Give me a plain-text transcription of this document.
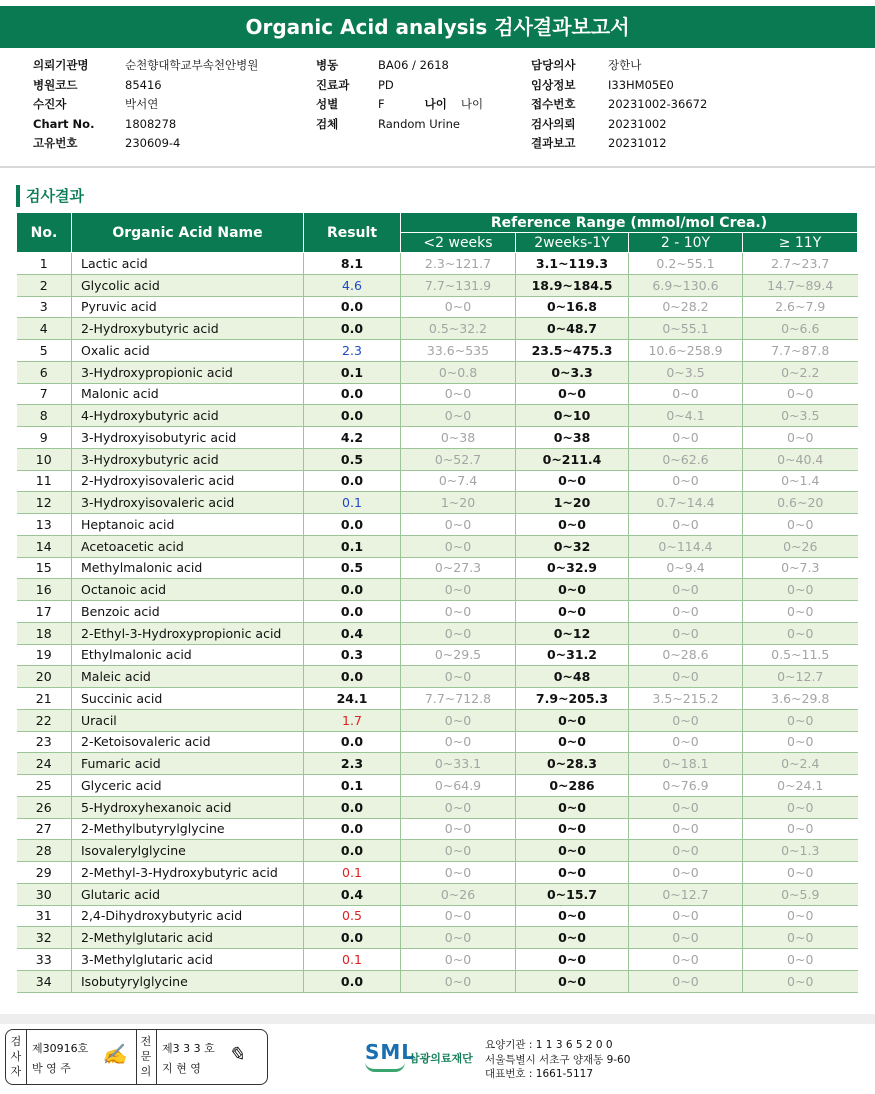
Organic Acid analysis 검사결과보고서
의뢰기관명	순천향대학교부속천안병원
병원코드	85416
수진자	박서연
Chart No.	1808278
고유번호	230609-4
병동	BA06 / 2618
진료과 PD
성별	F	나이 나이
검체	Random Urine
담당의사	장한나
임상정보	I33HM05E0
접수번호	20231002-36672
검사의뢰	20231002
결과보고	20231012
검사결과
No.	Organic Acid Name	Result	Reference Range (mmol/mol Crea.)			
			<2 weeks	2weeks-1Y	2 - 10Y	≥ 11Y
1	Lactic acid	8.1	2.3~121.7	3.1~119.3	0.2~55.1	2.7~23.7
2	Glycolic acid	4.6	7.7~131.9	18.9~184.5	6.9~130.6	14.7~89.4
3	Pyruvic acid	0.0	0~0	0~16.8	0~28.2	2.6~7.9
4	2-Hydroxybutyric acid	0.0	0.5~32.2	0~48.7	0~55.1	0~6.6
5	Oxalic acid	2.3	33.6~535	23.5~475.3	10.6~258.9	7.7~87.8
6	3-Hydroxypropionic acid	0.1	0~0.8	0~3.3	0~3.5	0~2.2
7	Malonic acid	0.0	0~0	0~0	0~0	0~0
8	4-Hydroxybutyric acid	0.0	0~0	0~10	0~4.1	0~3.5
9	3-Hydroxyisobutyric acid	4.2	0~38	0~38	0~0	0~0
10	3-Hydroxybutyric acid	0.5	0~52.7	0~211.4	0~62.6	0~40.4
11	2-Hydroxyisovaleric acid	0.0	0~7.4	0~0	0~0	0~1.4
12	3-Hydroxyisovaleric acid	0.1	1~20	1~20	0.7~14.4	0.6~20
13	Heptanoic acid	0.0	0~0	0~0	0~0	0~0
14	Acetoacetic acid	0.1	0~0	0~32	0~114.4	0~26
15	Methylmalonic acid	0.5	0~27.3	0~32.9	0~9.4	0~7.3
16	Octanoic acid	0.0	0~0	0~0	0~0	0~0
17	Benzoic acid	0.0	0~0	0~0	0~0	0~0
18	2-Ethyl-3-Hydroxypropionic acid	0.4	0~0	0~12	0~0	0~0
19	Ethylmalonic acid	0.3	0~29.5	0~31.2	0~28.6	0.5~11.5
20	Maleic acid	0.0	0~0	0~48	0~0	0~12.7
21	Succinic acid	24.1	7.7~712.8	7.9~205.3	3.5~215.2	3.6~29.8
22	Uracil	1.7	0~0	0~0	0~0	0~0
23	2-Ketoisovaleric acid	0.0	0~0	0~0	0~0	0~0
24	Fumaric acid	2.3	0~33.1	0~28.3	0~18.1	0~2.4
25	Glyceric acid	0.1	0~64.9	0~286	0~76.9	0~24.1
26	5-Hydroxyhexanoic acid	0.0	0~0	0~0	0~0	0~0
27	2-Methylbutyrylglycine	0.0	0~0	0~0	0~0	0~0
28	Isovalerylglycine	0.0	0~0	0~0	0~0	0~1.3
29	2-Methyl-3-Hydroxybutyric acid	0.1	0~0	0~0	0~0	0~0
30	Glutaric acid	0.4	0~26	0~15.7	0~12.7	0~5.9
31	2,4-Dihydroxybutyric acid	0.5	0~0	0~0	0~0	0~0
32	2-Methylglutaric acid	0.0	0~0	0~0	0~0	0~0
33	3-Methylglutaric acid	0.1	0~0	0~0	0~0	0~0
34	Isobutyrylglycine	0.0	0~0	0~0	0~0	0~0
검사자
제30916호
박 영 주
✍
전문의
제3 3 3 호
지 현 영
✎	SML
삼광의료재단
요양기관 : 1 1 3 6 5 2 0 0
서울특별시 서초구 양재동 9-60
대표번호 : 1661-5117
